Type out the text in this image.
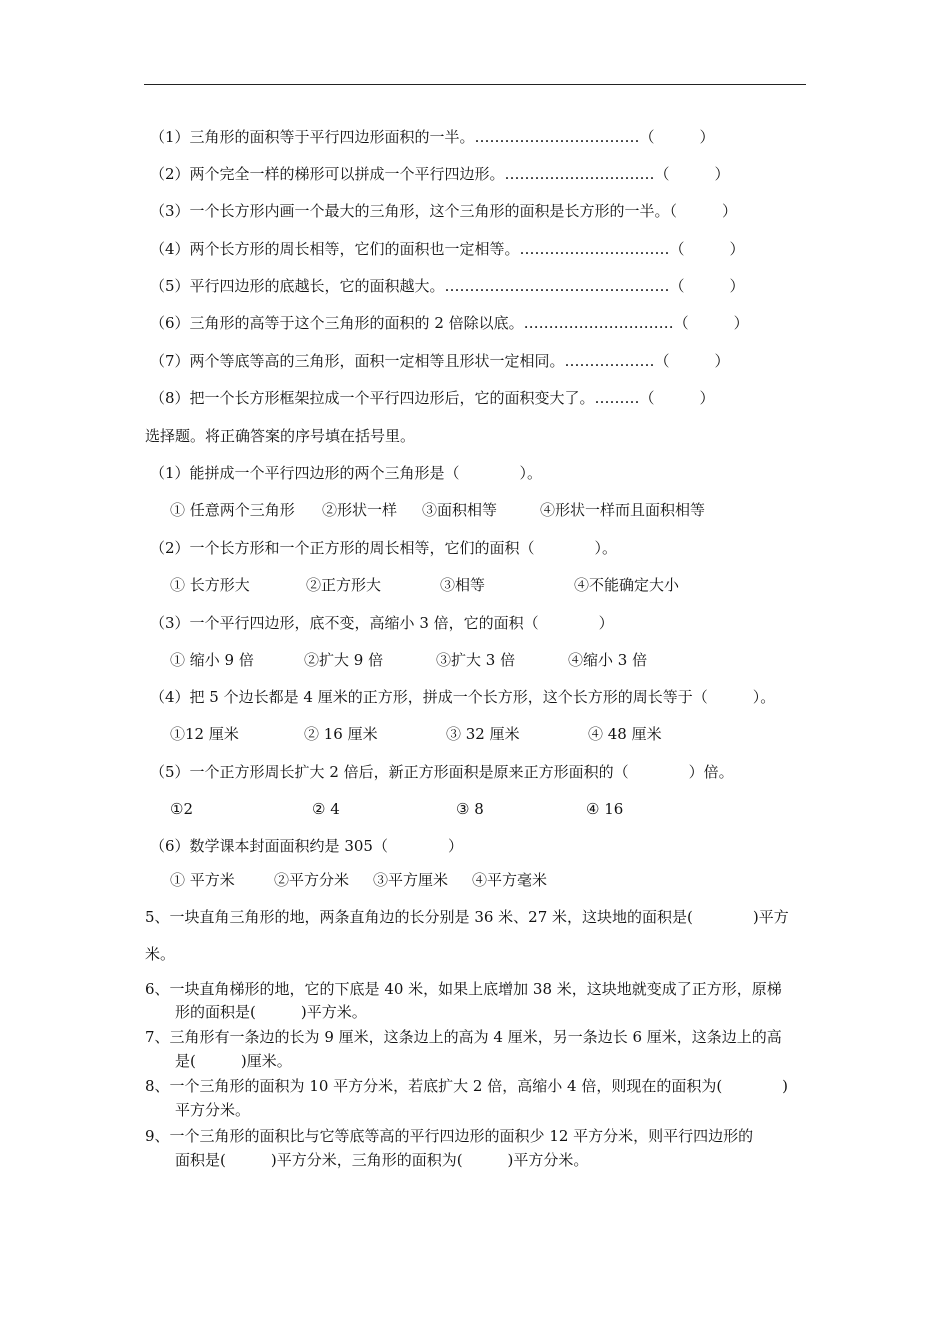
（1）三角形的面积等于平行四边形面积的一半。……………………………（　　　）
（2）两个完全一样的梯形可以拼成一个平行四边形。…………………………（　　　）
（3）一个长方形内画一个最大的三角形，这个三角形的面积是长方形的一半。（　　　）
（4）两个长方形的周长相等，它们的面积也一定相等。…………………………（　　　）
（5）平行四边形的底越长，它的面积越大。………………………………………（　　　）
（6）三角形的高等于这个三角形的面积的 2 倍除以底。…………………………（　　　）
（7）两个等底等高的三角形，面积一定相等且形状一定相同。………………（　　　）
（8）把一个长方形框架拉成一个平行四边形后，它的面积变大了。………（　　　）
选择题。将正确答案的序号填在括号里。
（1）能拼成一个平行四边形的两个三角形是（　　　　）。
① 任意两个三角形 ②形状一样 ③面积相等	④形状一样而且面积相等
（2）一个长方形和一个正方形的周长相等，它们的面积（　　　　）。
① 长方形大	②正方形大	③相等	④不能确定大小
（3）一个平行四边形，底不变，高缩小 3 倍，它的面积（　　　　）
① 缩小 9 倍	②扩大 9 倍	③扩大 3 倍	④缩小 3 倍
（4）把 5 个边长都是 4 厘米的正方形，拼成一个长方形，这个长方形的周长等于（　　　）。
①12 厘米	② 16 厘米	③ 32 厘米	④ 48 厘米
（5）一个正方形周长扩大 2 倍后，新正方形面积是原来正方形面积的（　　　　）倍。
①2	② 4	③ 8	④ 16
（6）数学课本封面面积约是 305（　　　　）
① 平方米	②平方分米 ③平方厘米 ④平方毫米
5、一块直角三角形的地，两条直角边的长分别是 36 米、27 米，这块地的面积是(　　　　)平方
米。
6、一块直角梯形的地，它的下底是 40 米，如果上底增加 38 米，这块地就变成了正方形，原梯
形的面积是(　　　)平方米。
7、三角形有一条边的长为 9 厘米，这条边上的高为 4 厘米，另一条边长 6 厘米，这条边上的高
是(　　　)厘米。
8、一个三角形的面积为 10 平方分米，若底扩大 2 倍，高缩小 4 倍，则现在的面积为(　　　　)
平方分米。
9、一个三角形的面积比与它等底等高的平行四边形的面积少 12 平方分米，则平行四边形的
面积是(　　　)平方分米，三角形的面积为(　　　)平方分米。
